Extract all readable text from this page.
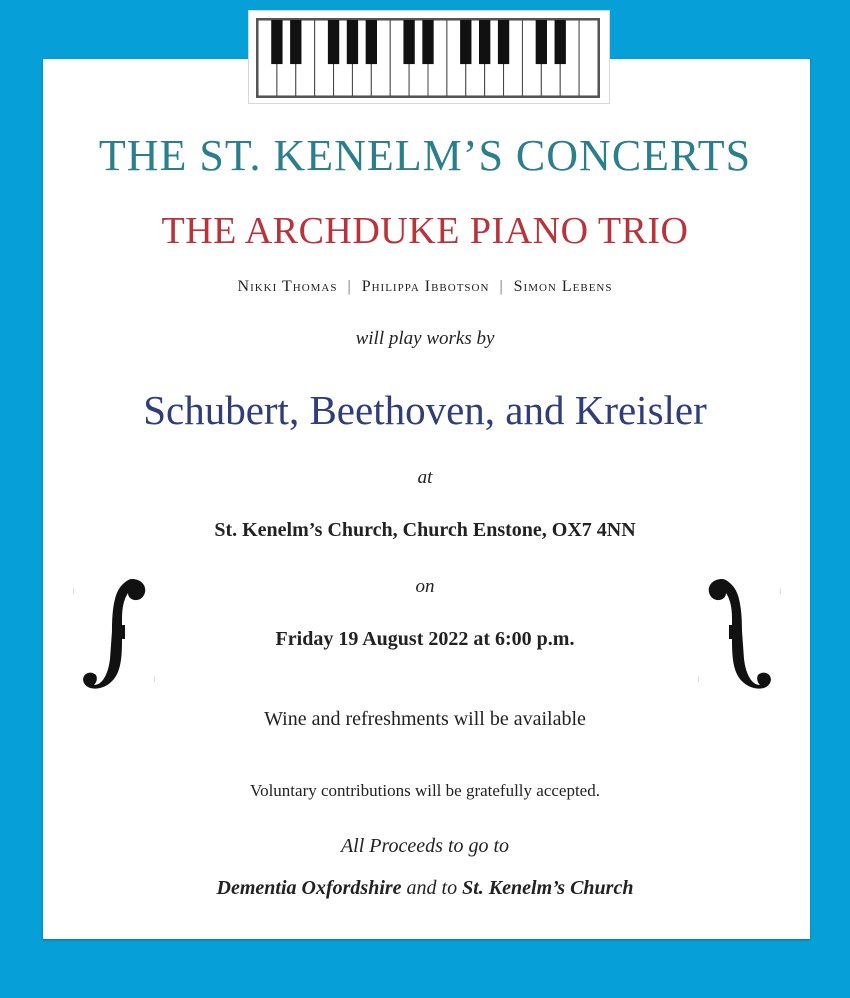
THE ST. KENELM’S CONCERTS
THE ARCHDUKE PIANO TRIO
Nikki Thomas | Philippa Ibbotson | Simon Lebens
will play works by
Schubert, Beethoven, and Kreisler
at
St. Kenelm’s Church, Church Enstone, OX7 4NN
on
Friday 19 August 2022 at 6:00 p.m.
Wine and refreshments will be available
Voluntary contributions will be gratefully accepted.
All Proceeds to go to
Dementia Oxfordshire and to St. Kenelm’s Church
